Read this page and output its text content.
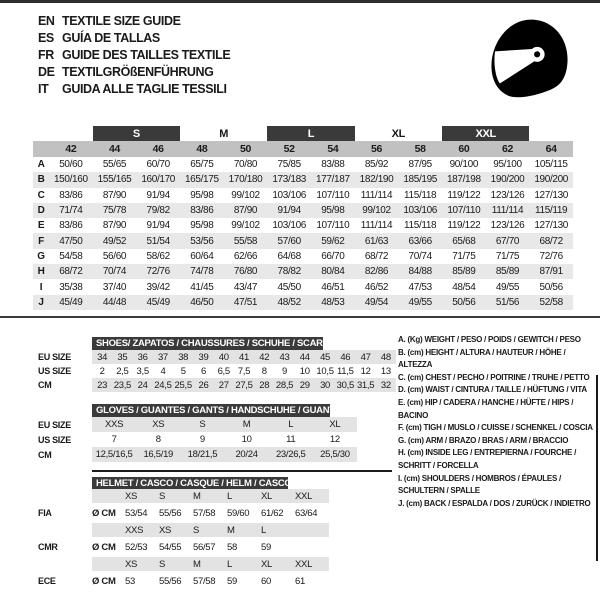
EN TEXTILE SIZE GUIDE
ES GUÍA DE TALLAS
FR GUIDE DES TAILLES TEXTILE
DE TEXTILGRÖßENFÜHRUNG
IT	GUIDA ALLE TAGLIE TESSILI
S	M	L	XL	XXL
42	44	46	48	50	52	54	56	58	60	62	64
A	50/60	55/65	60/70	65/75	70/80	75/85	83/88	85/92	87/95	90/100	95/100	105/115
B 150/160 155/165 160/170 165/175 170/180 173/183 177/187 182/190 185/195 187/198 190/200 190/200
C	83/86	87/90	91/94	95/98	99/102	103/106	107/110	111/114	115/118	119/122	123/126 127/130
D	71/74	75/78	79/82	83/86	87/90	91/94	95/98	99/102	103/106	107/110	111/114	115/119
E	83/86	87/90	91/94	95/98	99/102	103/106	107/110	111/114	115/118	119/122	123/126 127/130
F	47/50	49/52	51/54	53/56	55/58	57/60	59/62	61/63	63/66	65/68	67/70	68/72
G	54/58	56/60	58/62	60/64	62/66	64/68	66/70	68/72	70/74	71/75	71/75	72/76
H	68/72	70/74	72/76	74/78	76/80	78/82	80/84	82/86	84/88	85/89	85/89	87/91
I	35/38	37/40	39/42	41/45	43/47	45/50	46/51	46/52	47/53	48/54	49/55	50/56
J	45/49	44/48	45/49	46/50	47/51	48/52	48/53	49/54	49/55	50/56	51/56	52/58
SHOES/ ZAPATOS / CHAUSSURES / SCHUHE / SCARPE
EU SIZE	34	35	36	37	38	39	40	41	42	43	44	45	46	47	48
US SIZE	2	2,5 3,5	4	5	6	6,5 7,5	8	9	10 10,5 11,5 12	13
CM	23 23,5 24 24,5 25,5 26	27 27,5 28 28,5 29	30 30,5 31,5 32
GLOVES / GUANTES / GANTS / HANDSCHUHE / GUANTI
EU SIZE	XXS	XS	S	M	L	XL
US SIZE	7	8	9	10	11	12
CM	12,5/16,5	16,5/19	18/21,5	20/24	23/26,5	25,5/30
HELMET / CASCO / CASQUE / HELM / CASCO
XS	S	M	L	XL	XXL
FIA	Ø CM 53/54	55/56	57/58	59/60	61/62	63/64
XXS	XS	S	M	L
CMR	Ø CM 52/53	54/55	56/57	58	59
XS	S	M	L	XL	XXL
ECE	Ø CM 53	55/56	57/58	59	60	61
A. (Kg) WEIGHT / PESO / POIDS / GEWITCH / PESO
B. (cm) HEIGHT / ALTURA / HAUTEUR / HÖHE / ALTEZZA
C. (cm) CHEST / PECHO / POITRINE / TRUHE / PETTO
D. (cm) WAIST / CINTURA / TAILLE / HÜFTUNG / VITA
E. (cm) HIP / CADERA / HANCHE / HÜFTE / HIPS / BACINO
F. (cm) TIGH / MUSLO / CUISSE / SCHENKEL / COSCIA
G. (cm) ARM / BRAZO / BRAS / ARM / BRACCIO
H. (cm) INSIDE LEG / ENTREPIERNA / FOURCHE / SCHRITT / FORCELLA
I. (cm) SHOULDERS / HOMBROS / ÉPAULES / SCHULTERN / SPALLE
J. (cm) BACK / ESPALDA / DOS / ZURÜCK / INDIETRO
